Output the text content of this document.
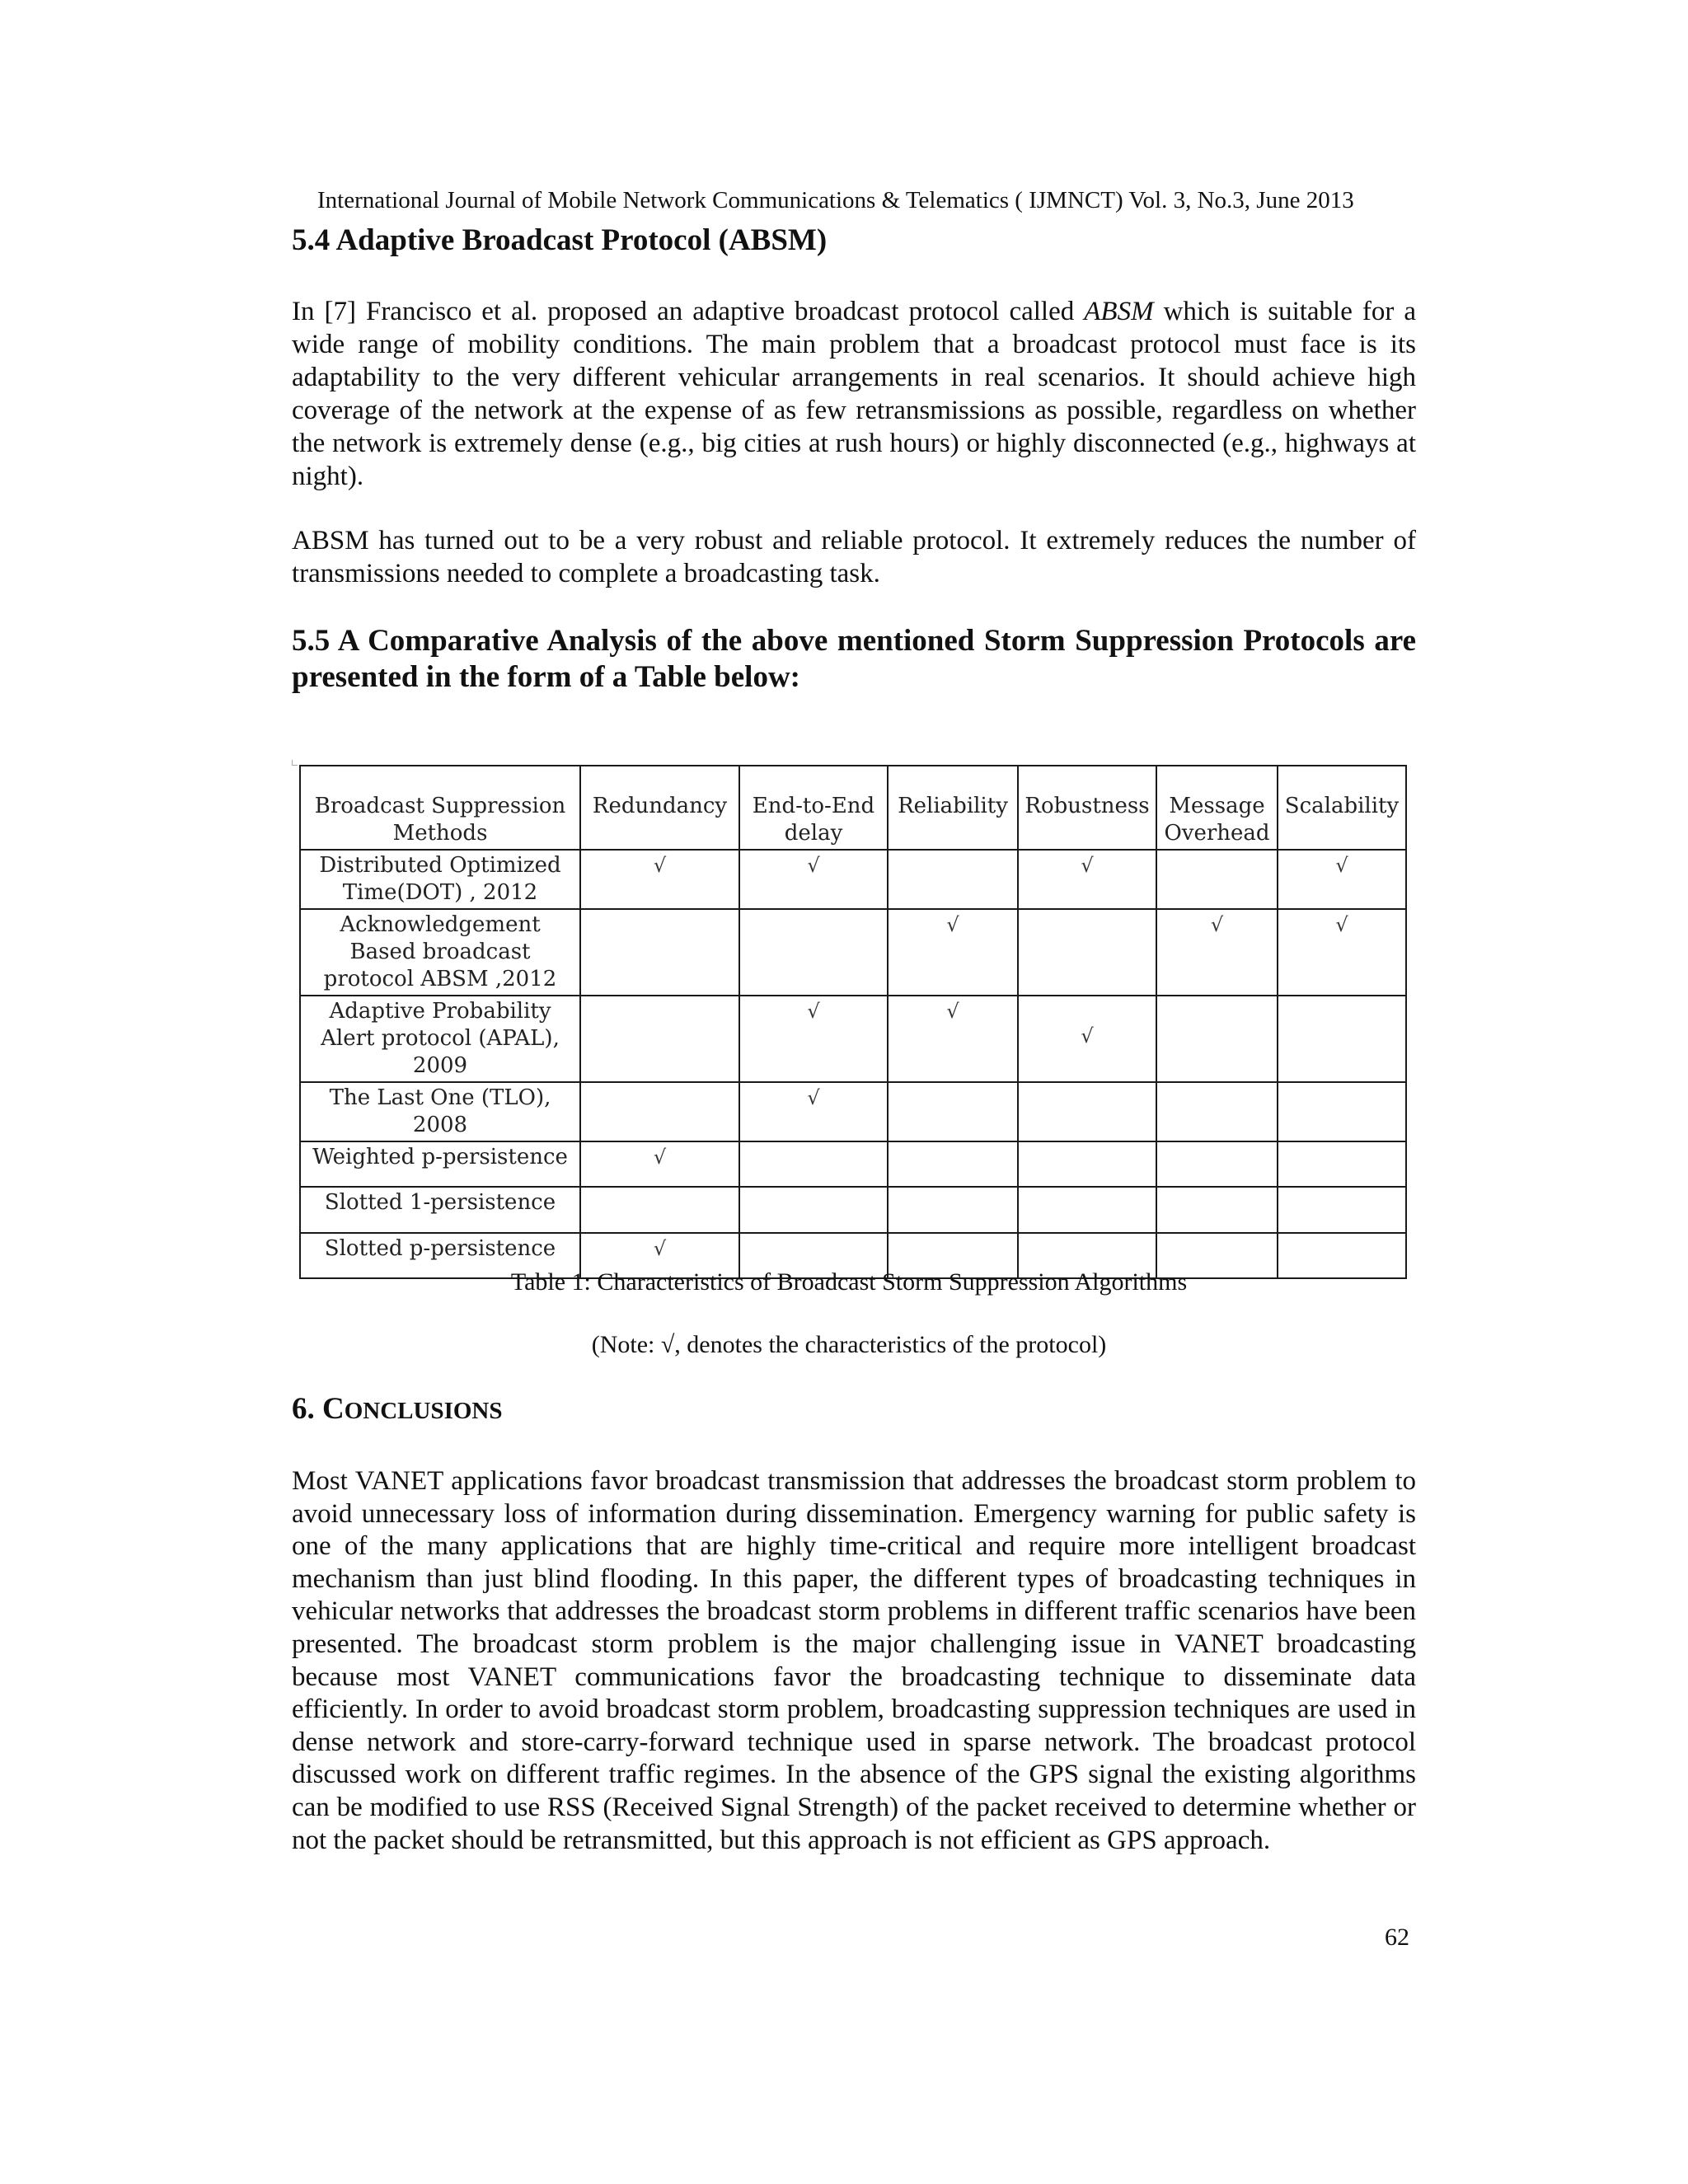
International Journal of Mobile Network Communications & Telematics ( IJMNCT) Vol. 3, No.3, June 2013
5.4 Adaptive Broadcast Protocol (ABSM)

In [7] Francisco et al. proposed an adaptive broadcast protocol called ABSM which is suitable for a wide range of mobility conditions. The main problem that a broadcast protocol must face is its adaptability to the very different vehicular arrangements in real scenarios. It should achieve high coverage of the network at the expense of as few retransmissions as possible, regardless on whether the network is extremely dense (e.g., big cities at rush hours) or highly disconnected (e.g., highways at night).

ABSM has turned out to be a very robust and reliable protocol. It extremely reduces the number of transmissions needed to complete a broadcasting task.

5.5 A Comparative Analysis of the above mentioned Storm Suppression Protocols are presented in the form of a Table below:
Broadcast Suppression Methods	Redundancy	End-to-End delay	Reliability	Robustness	Message Overhead	Scalability
Distributed Optimized Time(DOT) , 2012	√	√		√		√

Acknowledgement Based broadcast protocol ABSM ,2012			√		√	√

Adaptive Probability Alert protocol (APAL), 2009		√	√	√		

The Last One (TLO), 2008		√				

Weighted p-persistence	√					

Slotted 1-persistence	

Slotted p-persistence	√					

Table 1: Characteristics of Broadcast Storm Suppression Algorithms
(Note: √, denotes the characteristics of the protocol)
6. CONCLUSIONS

Most VANET applications favor broadcast transmission that addresses the broadcast storm problem to avoid unnecessary loss of information during dissemination. Emergency warning for public safety is one of the many applications that are highly time-critical and require more intelligent broadcast mechanism than just blind flooding. In this paper, the different types of broadcasting techniques in vehicular networks that addresses the broadcast storm problems in different traffic scenarios have been presented. The broadcast storm problem is the major challenging issue in VANET broadcasting because most VANET communications favor the broadcasting technique to disseminate data efficiently. In order to avoid broadcast storm problem, broadcasting suppression techniques are used in dense network and store-carry-forward technique used in sparse network. The broadcast protocol discussed work on different traffic regimes. In the absence of the GPS signal the existing algorithms can be modified to use RSS (Received Signal Strength) of the packet received to determine whether or not the packet should be retransmitted, but this approach is not efficient as GPS approach.

62
